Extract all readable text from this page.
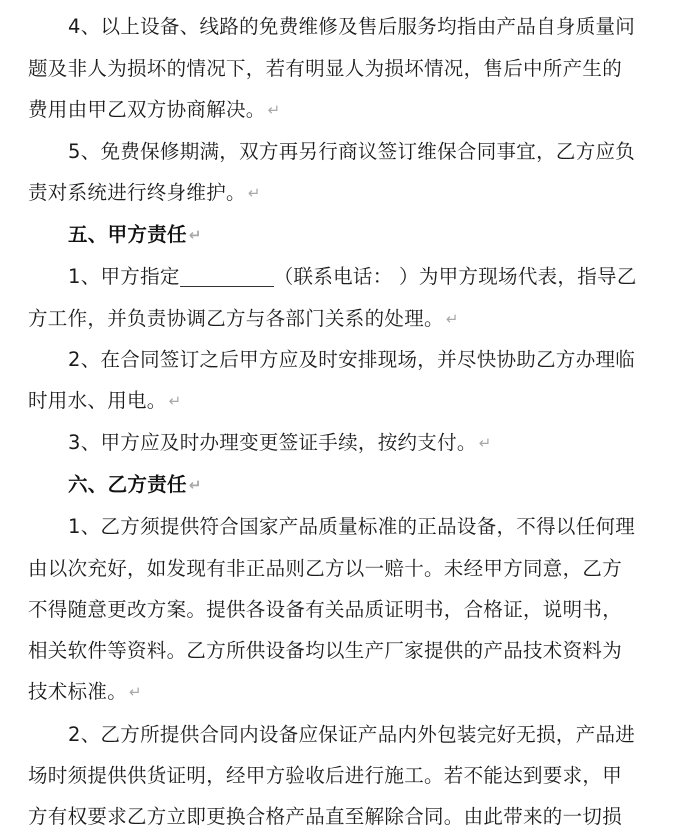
4、以上设备、线路的免费维修及售后服务均指由产品自身质量问
题及非人为损坏的情况下，若有明显人为损坏情况，售后中所产生的
费用由甲乙双方协商解决。 ↵
5、免费保修期满，双方再另行商议签订维保合同事宜，乙方应负
责对系统进行终身维护。 ↵
五、甲方责任 ↵
1、甲方指定	（联系电话： ）为甲方现场代表，指导乙
方工作，并负责协调乙方与各部门关系的处理。 ↵
2、在合同签订之后甲方应及时安排现场，并尽快协助乙方办理临
时用水、用电。 ↵
3、甲方应及时办理变更签证手续，按约支付。 ↵
六、乙方责任 ↵
1、乙方须提供符合国家产品质量标准的正品设备，不得以任何理
由以次充好，如发现有非正品则乙方以一赔十。未经甲方同意，乙方
不得随意更改方案。提供各设备有关品质证明书，合格证，说明书，
相关软件等资料。乙方所供设备均以生产厂家提供的产品技术资料为
技术标准。 ↵
2、乙方所提供合同内设备应保证产品内外包装完好无损，产品进
场时须提供供货证明，经甲方验收后进行施工。若不能达到要求，甲
方有权要求乙方立即更换合格产品直至解除合同。由此带来的一切损
